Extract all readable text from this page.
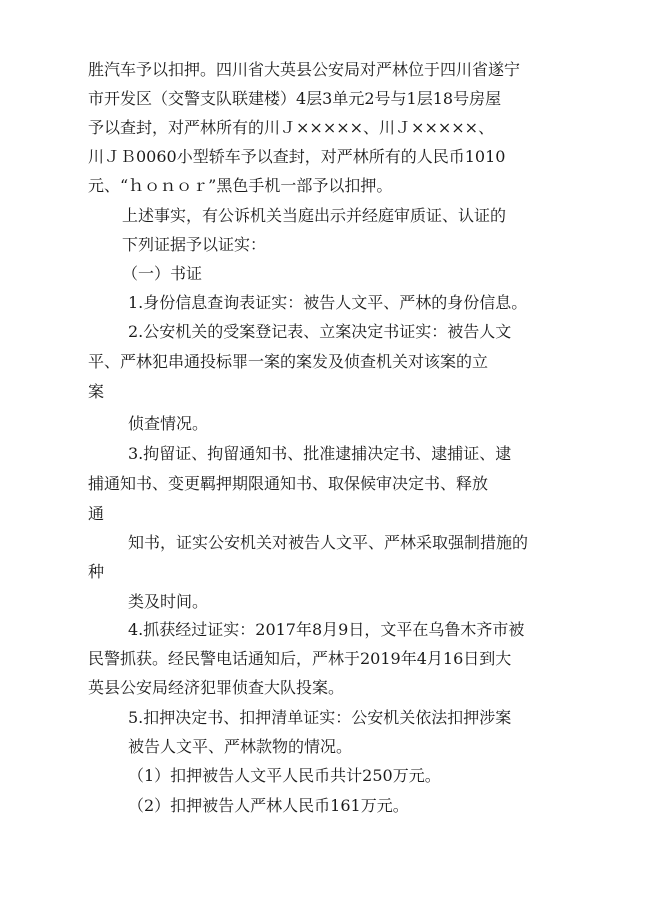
胜汽车予以扣押。四川省大英县公安局对严林位于四川省遂宁

市开发区（交警支队联建楼）4层3单元2号与1层18号房屋

予以查封，对严林所有的川Ｊ×××××、川Ｊ×××××、

川ＪＢ0060小型轿车予以查封，对严林所有的人民币1010

元、“ｈｏｎｏｒ”黑色手机一部予以扣押。

上述事实，有公诉机关当庭出示并经庭审质证、认证的

下列证据予以证实：

（一）书证

1.身份信息查询表证实：被告人文平、严林的身份信息。

2.公安机关的受案登记表、立案决定书证实：被告人文

平、严林犯串通投标罪一案的案发及侦查机关对该案的立

案

侦查情况。

3.拘留证、拘留通知书、批准逮捕决定书、逮捕证、逮

捕通知书、变更羁押期限通知书、取保候审决定书、释放

通

知书，证实公安机关对被告人文平、严林采取强制措施的

种

类及时间。

4.抓获经过证实：2017年8月9日，文平在乌鲁木齐市被

民警抓获。经民警电话通知后，严林于2019年4月16日到大

英县公安局经济犯罪侦查大队投案。

5.扣押决定书、扣押清单证实：公安机关依法扣押涉案

被告人文平、严林款物的情况。

（1）扣押被告人文平人民币共计250万元。

（2）扣押被告人严林人民币161万元。
